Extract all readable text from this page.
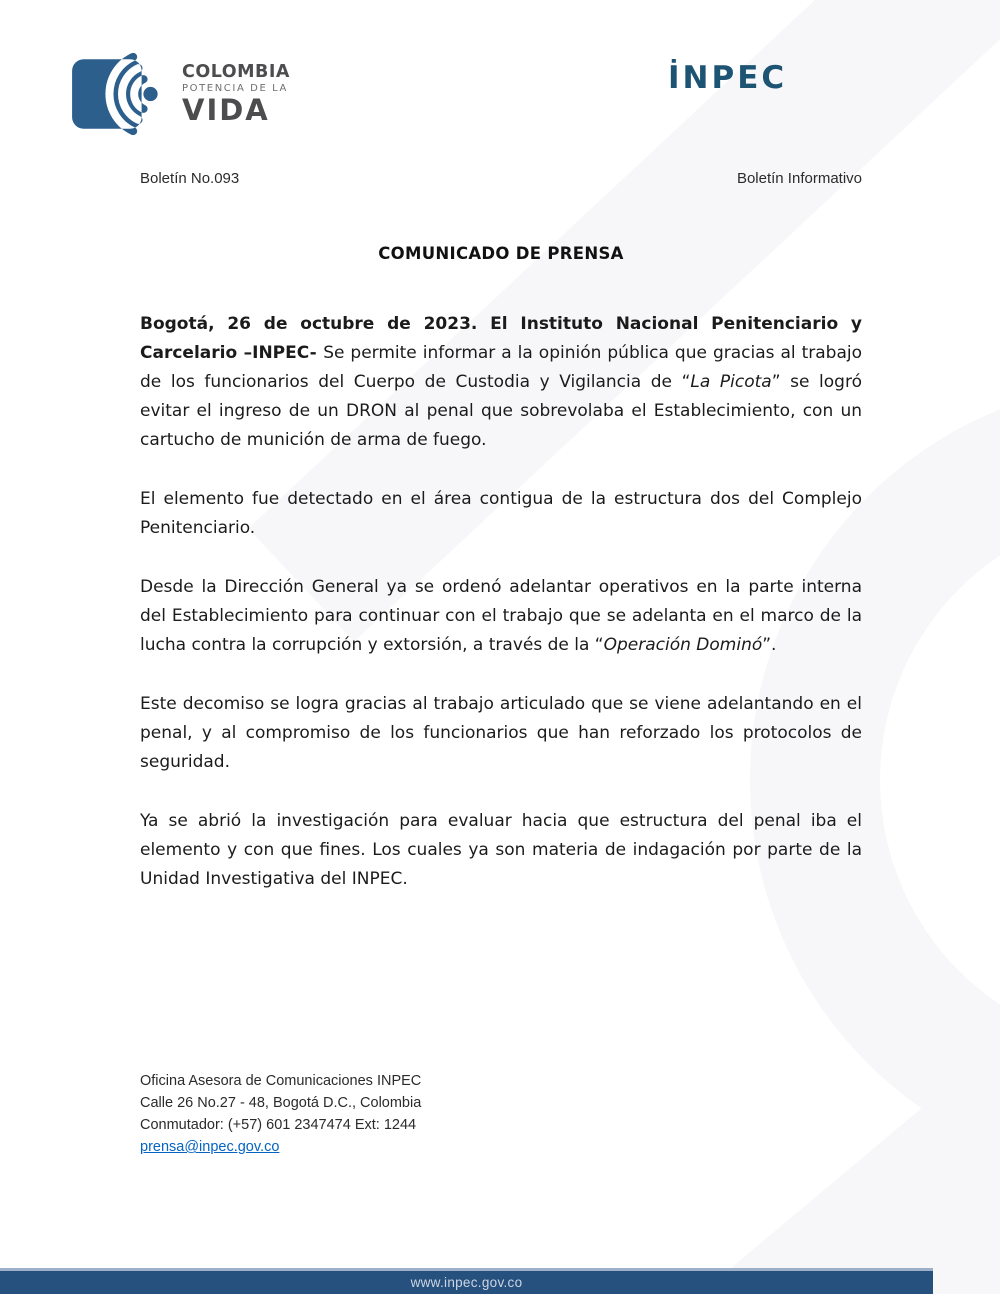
COLOMBIA
POTENCIA DE LA
VIDA
İNPEC
Boletín No.093	Boletín Informativo
COMUNICADO DE PRENSA

Bogotá, 26 de octubre de 2023. El Instituto Nacional Penitenciario y Carcelario –INPEC- Se permite informar a la opinión pública que gracias al trabajo de los funcionarios del Cuerpo de Custodia y Vigilancia de “La Picota” se logró evitar el ingreso de un DRON al penal que sobrevolaba el Establecimiento, con un cartucho de munición de arma de fuego.

El elemento fue detectado en el área contigua de la estructura dos del Complejo Penitenciario.

Desde la Dirección General ya se ordenó adelantar operativos en la parte interna del Establecimiento para continuar con el trabajo que se adelanta en el marco de la lucha contra la corrupción y extorsión, a través de la “Operación Dominó”.

Este decomiso se logra gracias al trabajo articulado que se viene adelantando en el penal, y al compromiso de los funcionarios que han reforzado los protocolos de seguridad.

Ya se abrió la investigación para evaluar hacia que estructura del penal iba el elemento y con que fines. Los cuales ya son materia de indagación por parte de la Unidad Investigativa del INPEC.

Oficina Asesora de Comunicaciones INPEC
Calle 26 No.27 - 48, Bogotá D.C., Colombia
Conmutador: (+57) 601 2347474 Ext: 1244
prensa@inpec.gov.co
www.inpec.gov.co
